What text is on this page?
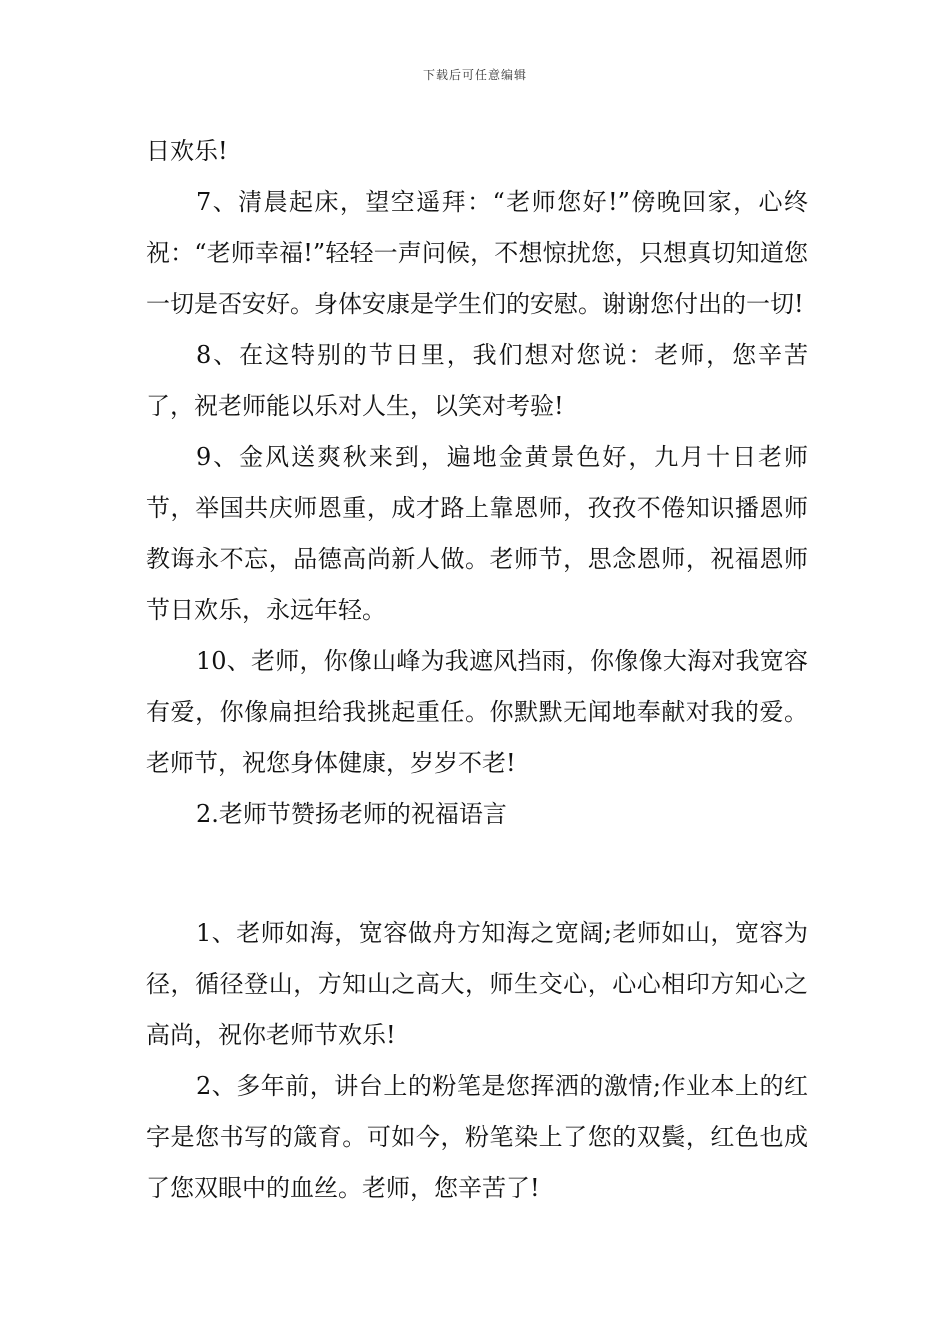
下载后可任意编辑

日欢乐!

7、清晨起床，望空遥拜：“老师您好!”傍晚回家，心终祝：“老师幸福!”轻轻一声问候，不想惊扰您，只想真切知道您一切是否安好。身体安康是学生们的安慰。谢谢您付出的一切!

8、在这特别的节日里，我们想对您说：老师，您辛苦了，祝老师能以乐对人生，以笑对考验!

9、金风送爽秋来到，遍地金黄景色好，九月十日老师节，举国共庆师恩重，成才路上靠恩师，孜孜不倦知识播恩师教诲永不忘，品德高尚新人做。老师节，思念恩师，祝福恩师节日欢乐，永远年轻。

10、老师，你像山峰为我遮风挡雨，你像像大海对我宽容有爱，你像扁担给我挑起重任。你默默无闻地奉献对我的爱。老师节，祝您身体健康，岁岁不老!

2.老师节赞扬老师的祝福语言

1、老师如海，宽容做舟方知海之宽阔;老师如山，宽容为径，循径登山，方知山之高大，师生交心，心心相印方知心之高尚，祝你老师节欢乐!

2、多年前，讲台上的粉笔是您挥洒的激情;作业本上的红字是您书写的箴育。可如今，粉笔染上了您的双鬓，红色也成了您双眼中的血丝。老师，您辛苦了!
